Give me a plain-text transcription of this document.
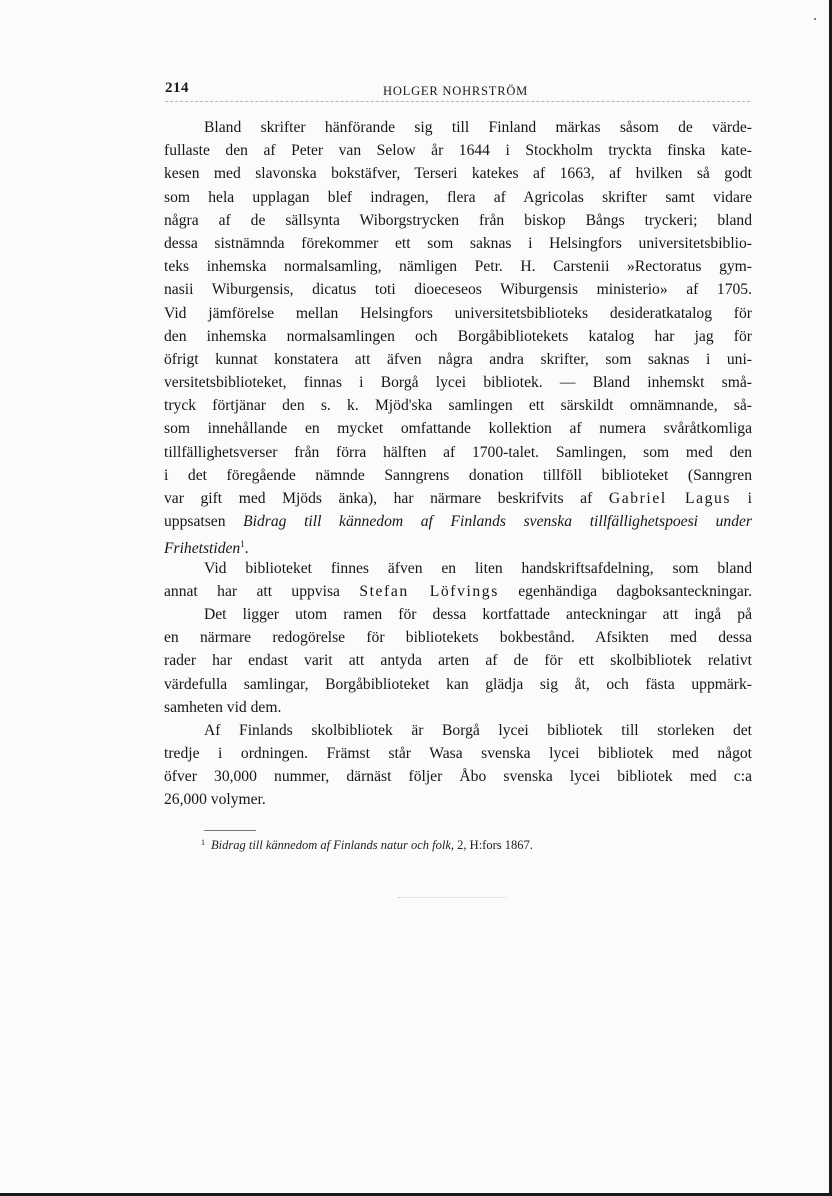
214	HOLGER NOHRSTRÖM
Bland skrifter hänförande sig till Finland märkas såsom de värde-
fullaste den af Peter van Selow år 1644 i Stockholm tryckta finska kate-
kesen med slavonska bokstäfver, Terseri katekes af 1663, af hvilken så godt
som hela upplagan blef indragen, flera af Agricolas skrifter samt vidare
några af de sällsynta Wiborgstrycken från biskop Bångs tryckeri; bland
dessa sistnämnda förekommer ett som saknas i Helsingfors universitetsbiblio-
teks inhemska normalsamling, nämligen Petr. H. Carstenii »Rectoratus gym-
nasii Wiburgensis, dicatus toti dioeceseos Wiburgensis ministerio» af 1705.
Vid jämförelse mellan Helsingfors universitetsbiblioteks desideratkatalog för
den inhemska normalsamlingen och Borgåbibliotekets katalog har jag för
öfrigt kunnat konstatera att äfven några andra skrifter, som saknas i uni-
versitetsbiblioteket, finnas i Borgå lycei bibliotek. — Bland inhemskt små-
tryck förtjänar den s. k. Mjöd'ska samlingen ett särskildt omnämnande, så-
som innehållande en mycket omfattande kollektion af numera svåråtkomliga
tillfällighetsverser från förra hälften af 1700-talet. Samlingen, som med den
i det föregående nämnde Sanngrens donation tillföll biblioteket (Sanngren
var gift med Mjöds änka), har närmare beskrifvits af Gabriel Lagus i
uppsatsen Bidrag till kännedom af Finlands svenska tillfällighetspoesi under
Frihetstiden$^1$.
Vid biblioteket finnes äfven en liten handskriftsafdelning, som bland
annat har att uppvisa Stefan Löfvings egenhändiga dagboksanteckningar.
Det ligger utom ramen för dessa kortfattade anteckningar att ingå på
en närmare redogörelse för bibliotekets bokbestånd. Afsikten med dessa
rader har endast varit att antyda arten af de för ett skolbibliotek relativt
värdefulla samlingar, Borgåbiblioteket kan glädja sig åt, och fästa uppmärk-
samheten vid dem.
Af Finlands skolbibliotek är Borgå lycei bibliotek till storleken det
tredje i ordningen. Främst står Wasa svenska lycei bibliotek med något
öfver 30,000 nummer, därnäst följer Åbo svenska lycei bibliotek med c:a
26,000 volymer.
$^1$ Bidrag till kännedom af Finlands natur och folk, 2, H:fors 1867.
